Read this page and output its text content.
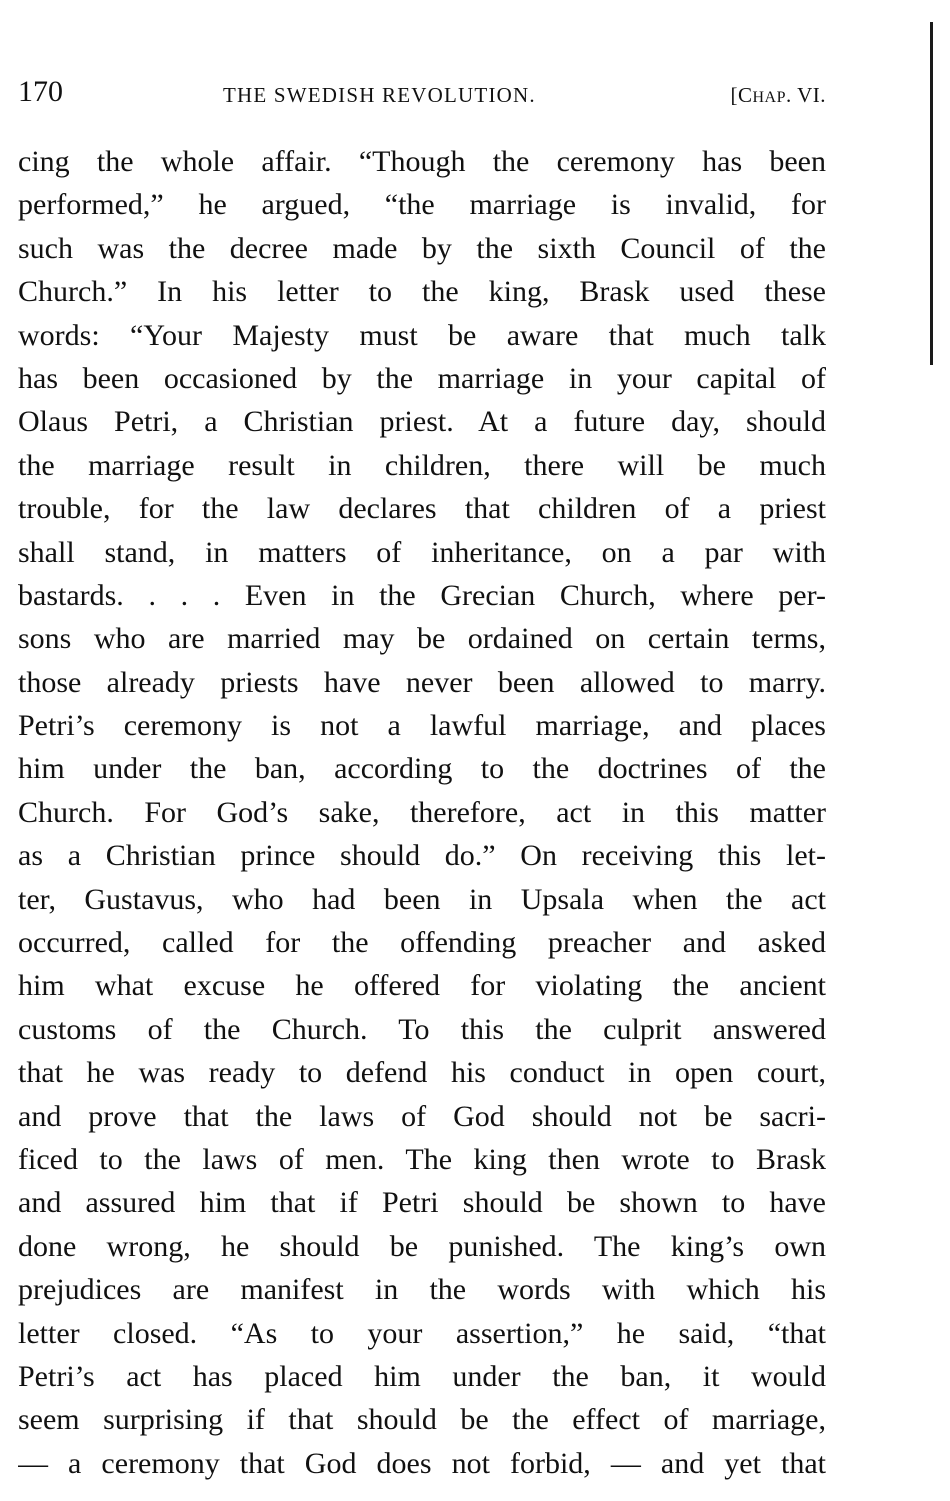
170	THE SWEDISH REVOLUTION.	[CHAP. VI.
cing the whole affair. “Though the ceremony has been
performed,” he argued, “the marriage is invalid, for
such was the decree made by the sixth Council of the
Church.” In his letter to the king, Brask used these
words: “Your Majesty must be aware that much talk
has been occasioned by the marriage in your capital of
Olaus Petri, a Christian priest. At a future day, should
the marriage result in children, there will be much
trouble, for the law declares that children of a priest
shall stand, in matters of inheritance, on a par with
bastards. . . . Even in the Grecian Church, where per-
sons who are married may be ordained on certain terms,
those already priests have never been allowed to marry.
Petri’s ceremony is not a lawful marriage, and places
him under the ban, according to the doctrines of the
Church. For God’s sake, therefore, act in this matter
as a Christian prince should do.” On receiving this let-
ter, Gustavus, who had been in Upsala when the act
occurred, called for the offending preacher and asked
him what excuse he offered for violating the ancient
customs of the Church. To this the culprit answered
that he was ready to defend his conduct in open court,
and prove that the laws of God should not be sacri-
ficed to the laws of men. The king then wrote to Brask
and assured him that if Petri should be shown to have
done wrong, he should be punished. The king’s own
prejudices are manifest in the words with which his
letter closed. “As to your assertion,” he said, “that
Petri’s act has placed him under the ban, it would
seem surprising if that should be the effect of marriage,
— a ceremony that God does not forbid, — and yet that
